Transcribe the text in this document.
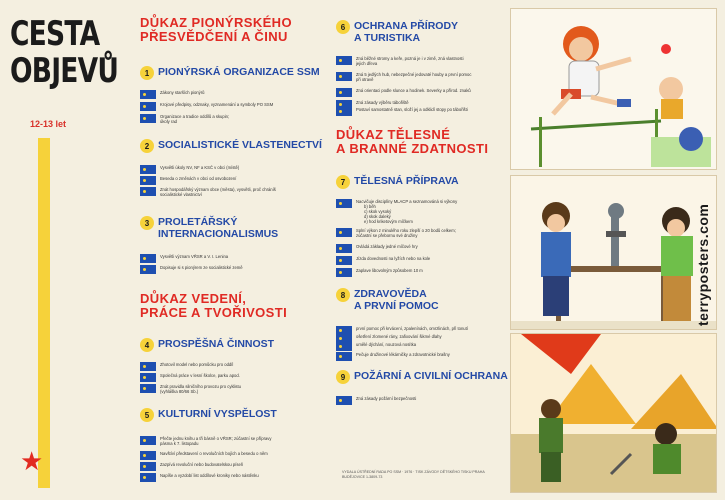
CESTA
OBJEVŮ
12-13 let
★
DŮKAZ PIONÝRSKÉHO
PŘESVĚDČENÍ A ČINU
1 PIONÝRSKÁ ORGANIZACE SSM
Zákony starších pionýrů
Krojové předpisy, odznaky, vyznamenání a symboly PO SSM
Organizace a tradice oddílů a skupin;
úkoly rad
2 SOCIALISTICKÉ VLASTENECTVÍ
Vysvětli úkoly NV, NF a KSČ v obci (místě)
Beseda o změnách v obci od osvobození
Znát hospodářský význam obce (města), vysvětli, proč chráníš
socialistické vlastnictví
3 PROLETÁŘSKÝ
INTERNACIONALISMUS
Vysvětli význam VŘSR a V. I. Lenina
Dopisuje si s pionýrem ze socialistické země
DŮKAZ VEDENÍ,
PRÁCE A TVOŘIVOSTI
4 PROSPĚŠNÁ ČINNOST
Zhotovil model nebo pomůcku pro oddíl
Společná práce v lesní školce, parku apod.
Znát pravidla silničního provozu pro cyklistu
(vyhláška 80/66 Sb.)
5 KULTURNÍ VYSPĚLOST
Přečte jednu knihu a tři básně o VŘSR; zúčastní se přípravy
pásma k 7. listopadu
Navštíví představení o revolučních bojích a besedu o něm
Zazpívá revoluční nebo budovatelskou píseň
Napíše a vyzdobí list oddílové kroniky nebo nástěnku
6 OCHRANA PŘÍRODY
A TURISTIKA
Zná běžné stromy a keře, pozná je i v zimě, zná vlastnosti
jejich dřeva
Zná 5 jedlých hub, nebezpečné jedovaté houby a první pomoc
při otravě
Zná orientaci podle slunce a hodinek. Severky a přírod. znaků
Zná zásady výběru tábořiště
Postaví samostatně stan, složí jej a odklidí stopy po tábořišti
DŮKAZ TĚLESNÉ
A BRANNÉ ZDATNOSTI
7 TĚLESNÁ PŘÍPRAVA
Nacvičuje disciplíny MLACP a seznamováná si výkony
b) běh
c) skok vysoký
d) skok daleký
e) hod kriketovým míčkem
Splní výkon z minulého roku zlepší o 20 bodů celkem;
zúčastní se přebornu své družiny
Ovládá základy jedné míčové hry
Jízda dovednosti na lyžích nebo na kole
Zaplave libovolným způsobem 10 m
8 ZDRAVOVĚDA
A PRVNÍ POMOC
první pomoc při krvácení, zpalenínách, omrzlinách, při tonutí
ošetření zlomené rány, zafixování šikmé dlahy
umělé dýchání, nouzová nosítka
Pečuje družinové lékárničky a zdravotnické brašny
9 POŽÁRNÍ A CIVILNÍ OCHRANA
Zná zásady požární bezpečnosti
VYDALA ÚSTŘEDNÍ RADA PO SSM · 1976 · TISK ZÁVODY DĚTSKÉHO TISKU PRAHA
BUDĚJOVICE 1-3809-73
terryposters.com
